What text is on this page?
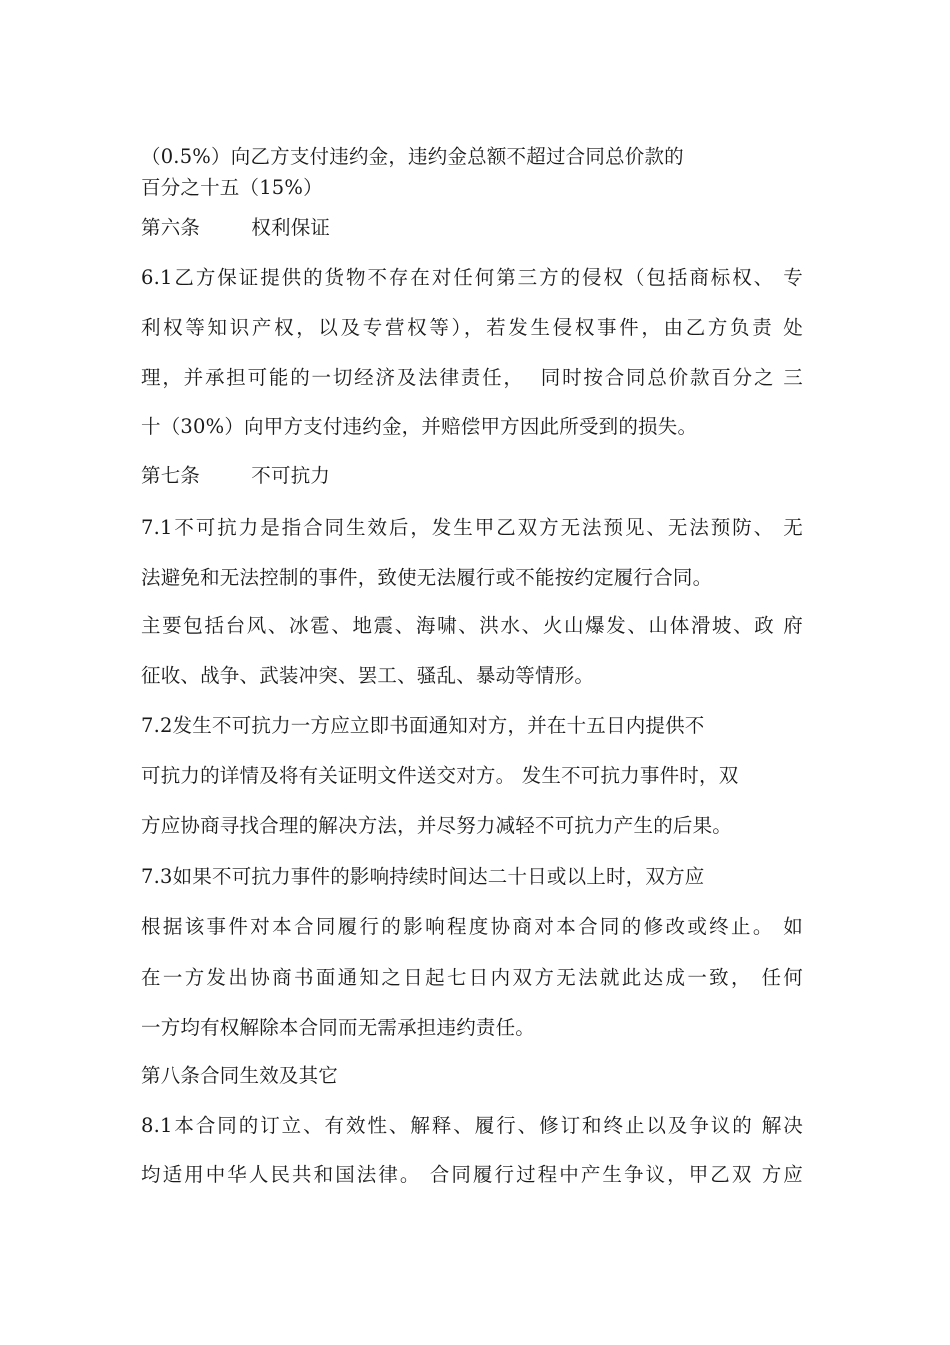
（0.5%）向乙方支付违约金，违约金总额不超过合同总价款的
百分之十五（15%）
第六条        权利保证
6.1乙方保证提供的货物不存在对任何第三方的侵权（包括商标权、 专
利权等知识产权，以及专营权等），若发生侵权事件，由乙方负责 处
理，并承担可能的一切经济及法律责任，  同时按合同总价款百分之 三
十（30%）向甲方支付违约金，并赔偿甲方因此所受到的损失。
第七条        不可抗力
7.1不可抗力是指合同生效后，发生甲乙双方无法预见、无法预防、 无
法避免和无法控制的事件，致使无法履行或不能按约定履行合同。
主要包括台风、冰雹、地震、海啸、洪水、火山爆发、山体滑坡、政 府
征收、战争、武装冲突、罢工、骚乱、暴动等情形。
7.2发生不可抗力一方应立即书面通知对方，并在十五日内提供不
可抗力的详情及将有关证明文件送交对方。 发生不可抗力事件时，双
方应协商寻找合理的解决方法，并尽努力减轻不可抗力产生的后果。
7.3如果不可抗力事件的影响持续时间达二十日或以上时，双方应
根据该事件对本合同履行的影响程度协商对本合同的修改或终止。 如
在一方发出协商书面通知之日起七日内双方无法就此达成一致， 任何
一方均有权解除本合同而无需承担违约责任。
第八条合同生效及其它
8.1本合同的订立、有效性、解释、履行、修订和终止以及争议的 解决
均适用中华人民共和国法律。 合同履行过程中产生争议，甲乙双 方应
